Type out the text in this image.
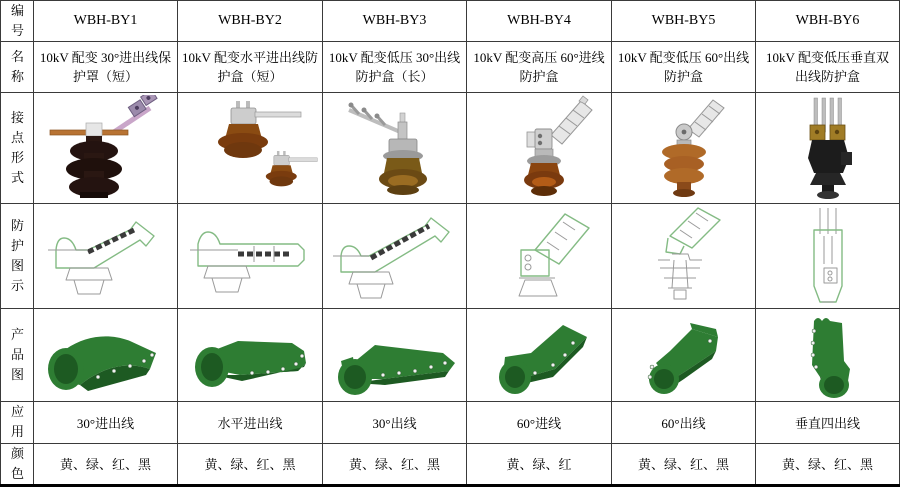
编号	WBH-BY1	WBH-BY2	WBH-BY3	WBH-BY4	WBH-BY5	WBH-BY6
名称	10kV 配变 30°进出线保护罩（短）	10kV 配变水平进出线防护盒（短）	10kV 配变低压 30°出线防护盒（长）	10kV 配变高压 60°进线防护盒	10kV 配变低压 60°出线防护盒	10kV 配变低压垂直双出线防护盒
接点形式	

防护图示	

产品图	

应用	30°进出线	水平进出线	30°出线	60°进线	60°出线	垂直四出线
颜色	黄、绿、红、黑	黄、绿、红、黑	黄、绿、红、黑	黄、绿、红	黄、绿、红、黑	黄、绿、红、黑
